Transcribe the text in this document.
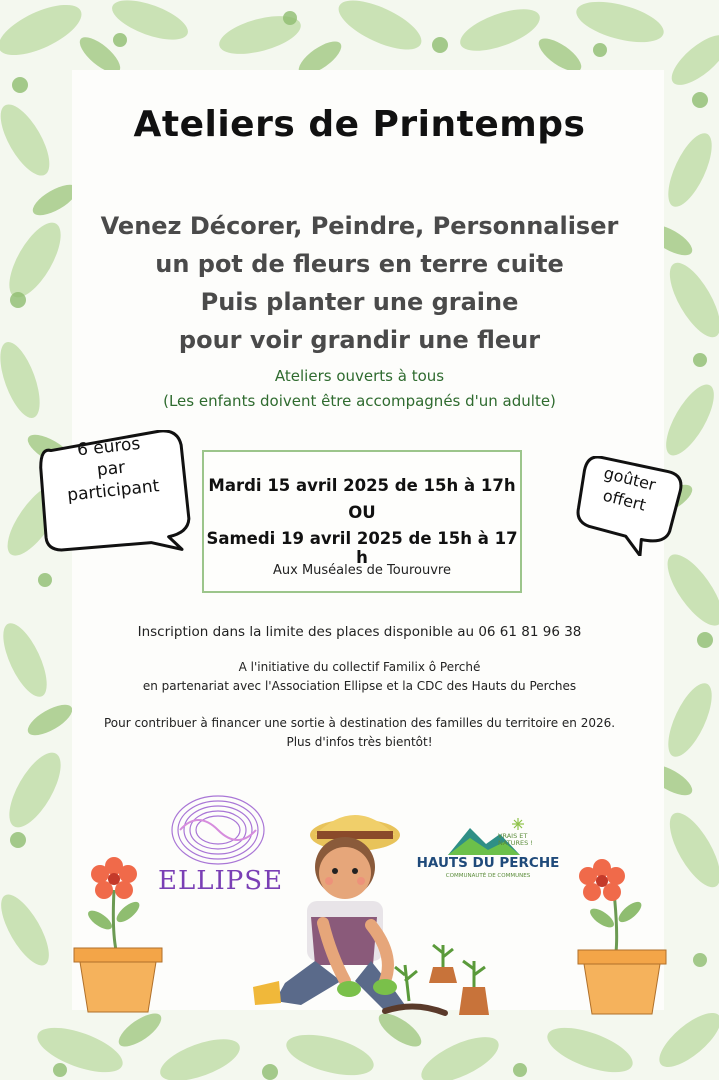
Ateliers de Printemps
Venez Décorer, Peindre, Personnaliser
un pot de fleurs en terre cuite
Puis planter une graine
pour voir grandir une fleur
Ateliers ouverts à tous
(Les enfants doivent être accompagnés d'un adulte)
6 euros
par
participant	goûter
offert
Mardi 15 avril 2025 de 15h à 17h
OU
Samedi 19 avril 2025 de 15h à 17 h
Aux Muséales de Tourouvre
Inscription dans la limite des places disponible au 06 61 81 96 38
A l'initiative du collectif Familix ô Perché
en partenariat avec l'Association Ellipse et la CDC des Hauts du Perches
Pour contribuer à financer une sortie à destination des familles du territoire en 2026.
Plus d'infos très bientôt!
ELLIPSE
VRAIS ET
NATURES !
HAUTS DU PERCHE
COMMUNAUTÉ DE COMMUNES
